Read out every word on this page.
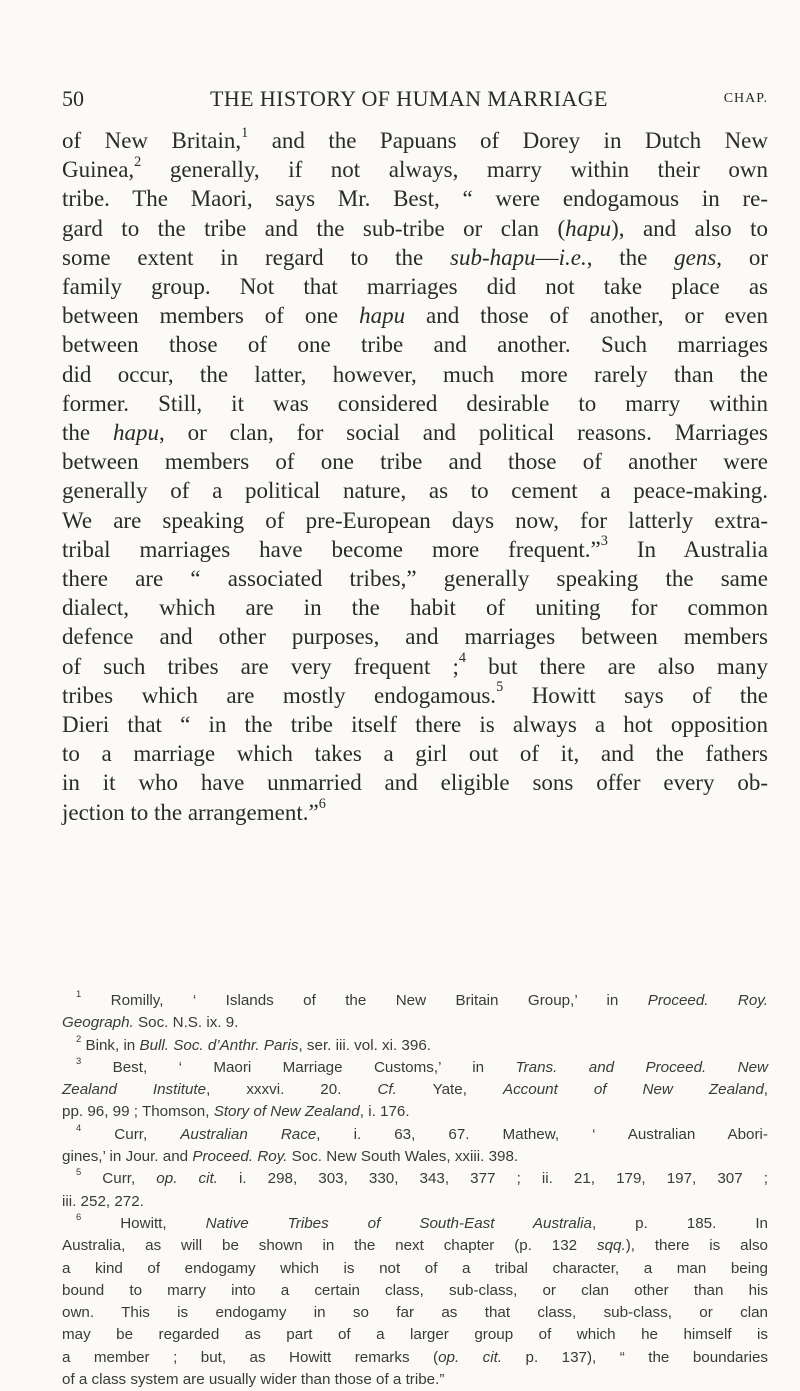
50	THE HISTORY OF HUMAN MARRIAGE	CHAP.
of New Britain,$^1$ and the Papuans of Dorey in Dutch New
Guinea,$^2$ generally, if not always, marry within their own
tribe. The Maori, says Mr. Best, “ were endogamous in re-
gard to the tribe and the sub-tribe or clan (hapu), and also to
some extent in regard to the sub-hapu—i.e., the gens, or
family group. Not that marriages did not take place as
between members of one hapu and those of another, or even
between those of one tribe and another. Such marriages
did occur, the latter, however, much more rarely than the
former. Still, it was considered desirable to marry within
the hapu, or clan, for social and political reasons. Marriages
between members of one tribe and those of another were
generally of a political nature, as to cement a peace-making.
We are speaking of pre-European days now, for latterly extra-
tribal marriages have become more frequent.”$^3$ In Australia
there are “ associated tribes,” generally speaking the same
dialect, which are in the habit of uniting for common
defence and other purposes, and marriages between members
of such tribes are very frequent ;$^4$ but there are also many
tribes which are mostly endogamous.$^5$ Howitt says of the
Dieri that “ in the tribe itself there is always a hot opposition
to a marriage which takes a girl out of it, and the fathers
in it who have unmarried and eligible sons offer every ob-
jection to the arrangement.”$^6$
$^1$ Romilly, ‘ Islands of the New Britain Group,’ in Proceed. Roy.
Geograph. Soc. N.S. ix. 9.
$^2$ Bink, in Bull. Soc. d’Anthr. Paris, ser. iii. vol. xi. 396.
$^3$ Best, ‘ Maori Marriage Customs,’ in Trans. and Proceed. New
Zealand Institute, xxxvi. 20. Cf. Yate, Account of New Zealand,
pp. 96, 99 ; Thomson, Story of New Zealand, i. 176.
$^4$ Curr, Australian Race, i. 63, 67. Mathew, ‘ Australian Abori-
gines,’ in Jour. and Proceed. Roy. Soc. New South Wales, xxiii. 398.
$^5$ Curr, op. cit. i. 298, 303, 330, 343, 377 ; ii. 21, 179, 197, 307 ;
iii. 252, 272.
$^6$ Howitt, Native Tribes of South-East Australia, p. 185. In
Australia, as will be shown in the next chapter (p. 132 sqq.), there is also
a kind of endogamy which is not of a tribal character, a man being
bound to marry into a certain class, sub-class, or clan other than his
own. This is endogamy in so far as that class, sub-class, or clan
may be regarded as part of a larger group of which he himself is
a member ; but, as Howitt remarks (op. cit. p. 137), “ the boundaries
of a class system are usually wider than those of a tribe.”
